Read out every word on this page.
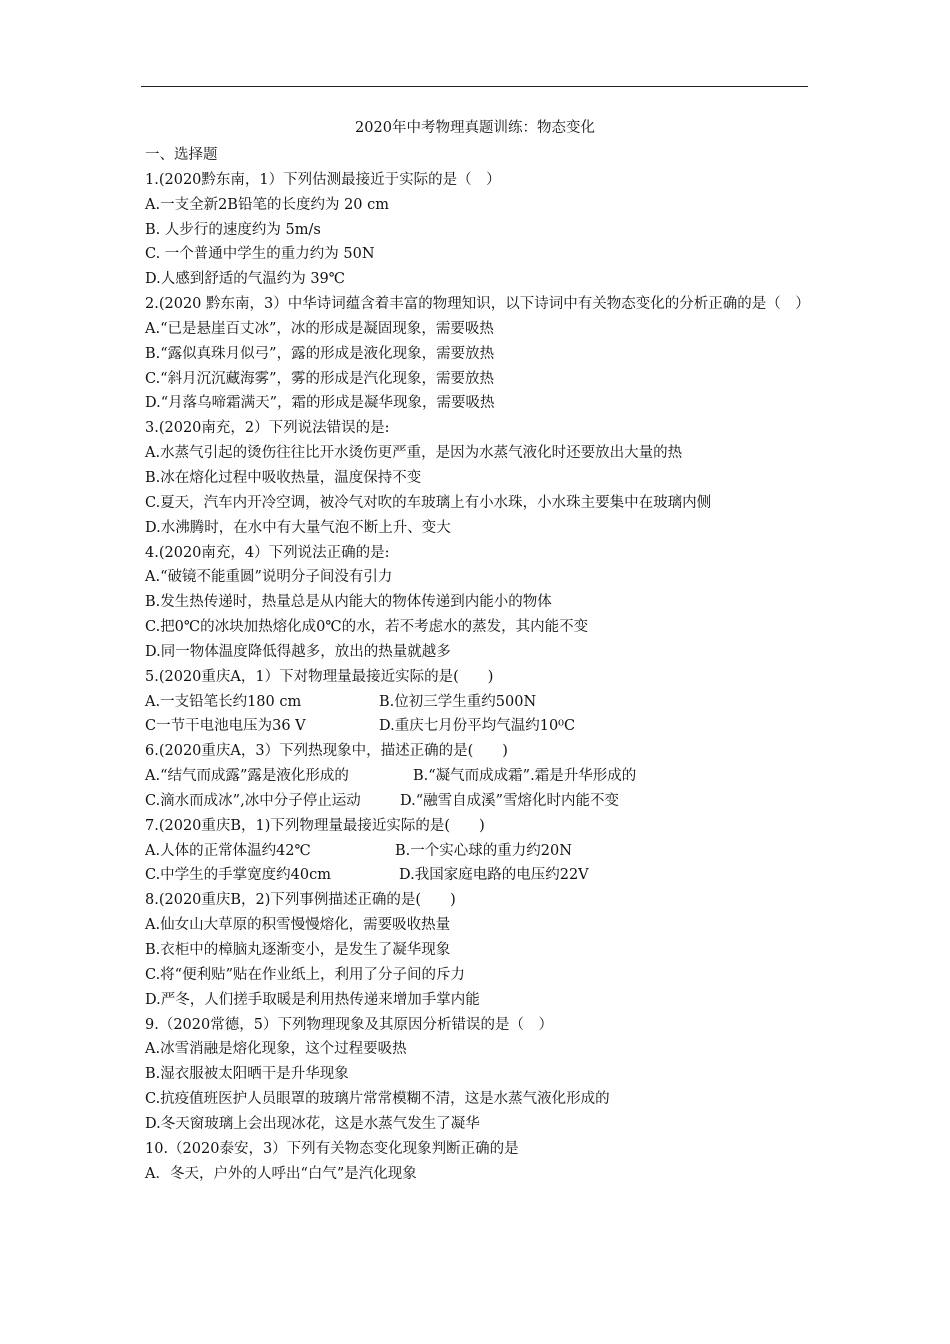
2020年中考物理真题训练：物态变化
一、选择题
1.(2020黔东南，1）下列估测最接近于实际的是（　）
A.一支全新2B铅笔的长度约为 20 cm
B. 人步行的速度约为 5m/s
C. 一个普通中学生的重力约为 50N
D.人感到舒适的气温约为 39℃
2.(2020 黔东南，3）中华诗词蕴含着丰富的物理知识，以下诗词中有关物态变化的分析正确的是（　）
A.“已是悬崖百丈冰”，冰的形成是凝固现象，需要吸热
B.“露似真珠月似弓”，露的形成是液化现象，需要放热
C.“斜月沉沉藏海雾”，雾的形成是汽化现象，需要放热
D.“月落乌啼霜满天”，霜的形成是凝华现象，需要吸热
3.(2020南充，2）下列说法错误的是:
A.水蒸气引起的烫伤往往比开水烫伤更严重，是因为水蒸气液化时还要放出大量的热
B.冰在熔化过程中吸收热量，温度保持不变
C.夏天，汽车内开冷空调，被冷气对吹的车玻璃上有小水珠，小水珠主要集中在玻璃内侧
D.水沸腾时，在水中有大量气泡不断上升、变大
4.(2020南充，4）下列说法正确的是:
A.“破镜不能重圆”说明分子间没有引力
B.发生热传递时，热量总是从内能大的物体传递到内能小的物体
C.把0℃的冰块加热熔化成0℃的水，若不考虑水的蒸发，其内能不变
D.同一物体温度降低得越多，放出的热量就越多
5.(2020重庆A，1）下对物理量最接近实际的是(　　)
A.一支铅笔长约180 cm	B.位初三学生重约500N
C一节干电池电压为36 V	D.重庆七月份平均气温约10⁰C
6.(2020重庆A，3）下列热现象中，描述正确的是(　　)
A.“结气而成露”露是液化形成的	B.“凝气而成成霜”.霜是升华形成的
C.滴水而成冰”,冰中分子停止运动	D.“融雪自成溪”雪熔化时内能不变
7.(2020重庆B，1)下列物理量最接近实际的是(　　)
A.人体的正常体温约42℃	B.一个实心球的重力约20N
C.中学生的手掌宽度约40cm	D.我国家庭电路的电压约22V
8.(2020重庆B，2)下列事例描述正确的是(　　)
A.仙女山大草原的积雪慢慢熔化，需要吸收热量
B.衣柜中的樟脑丸逐渐变小，是发生了凝华现象
C.将“便利贴”贴在作业纸上，利用了分子间的斥力
D.严冬，人们搓手取暖是利用热传递来增加手掌内能
9.（2020常德，5）下列物理现象及其原因分析错误的是（　）
A.冰雪消融是熔化现象，这个过程要吸热
B.湿衣服被太阳晒干是升华现象
C.抗疫值班医护人员眼罩的玻璃片常常模糊不清，这是水蒸气液化形成的
D.冬天窗玻璃上会出现冰花，这是水蒸气发生了凝华
10.（2020泰安，3）下列有关物态变化现象判断正确的是
A．冬天，户外的人呼出“白气”是汽化现象
